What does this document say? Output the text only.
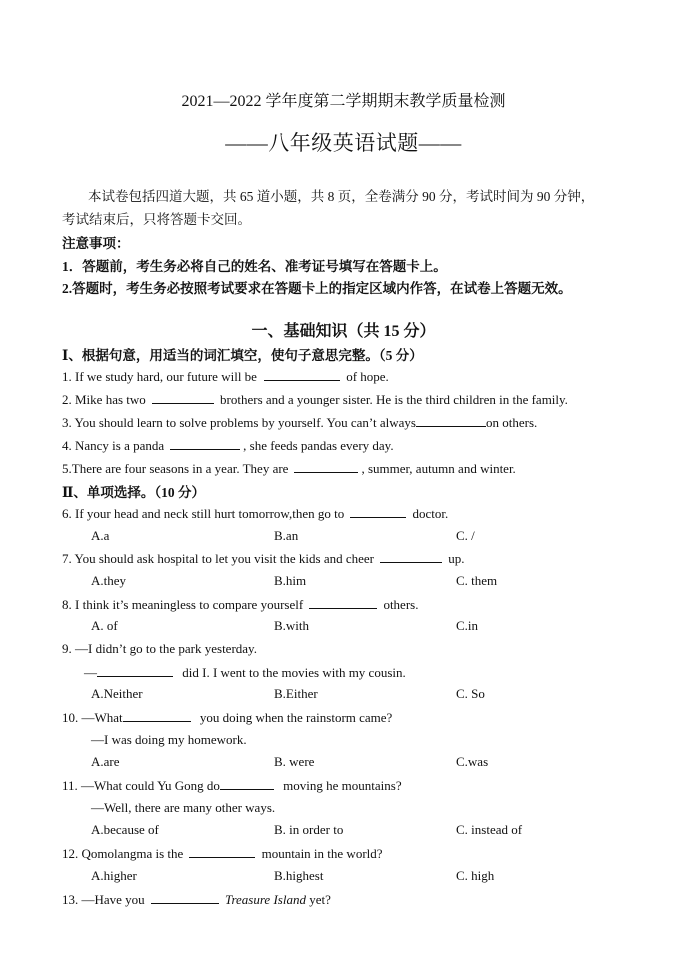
2021—2022 学年度第二学期期末教学质量检测
——八年级英语试题——
本试卷包括四道大题，共 65 道小题，共 8 页，全卷满分 90 分，考试时间为 90 分钟，
考试结束后，只将答题卡交回。
注意事项：
1．答题前，考生务必将自己的姓名、准考证号填写在答题卡上。
2.答题时，考生务必按照考试要求在答题卡上的指定区域内作答，在试卷上答题无效。
一、基础知识（共 15 分）
Ⅰ、根据句意，用适当的词汇填空，使句子意思完整。（5 分）
1. If we study hard, our future will be	of hope.
2. Mike has two	brothers and a younger sister. He is the third children in the family.
3. You should learn to solve problems by yourself. You can’t always	on others.
4. Nancy is a panda	, she feeds pandas every day.
5.There are four seasons in a year. They are	, summer, autumn and winter.
Ⅱ、单项选择。（10 分）
6. If your head and neck still hurt tomorrow,then go to	doctor.
A.a	B.an	C. /
7. You should ask hospital to let you visit the kids and cheer	up.
A.they	B.him	C. them
8. I think it’s meaningless to compare yourself	others.
A. of	B.with	C.in
9. —I didn’t go to the park yesterday.
—	did I. I went to the movies with my cousin.
A.Neither	B.Either	C. So
10. —What	you doing when the rainstorm came?
—I was doing my homework.
A.are	B. were	C.was
11. —What could Yu Gong do	moving he mountains?
—Well, there are many other ways.
A.because of	B. in order to	C. instead of
12. Qomolangma is the	mountain in the world?
A.higher	B.highest	C. high
13. —Have you	Treasure Island yet?
